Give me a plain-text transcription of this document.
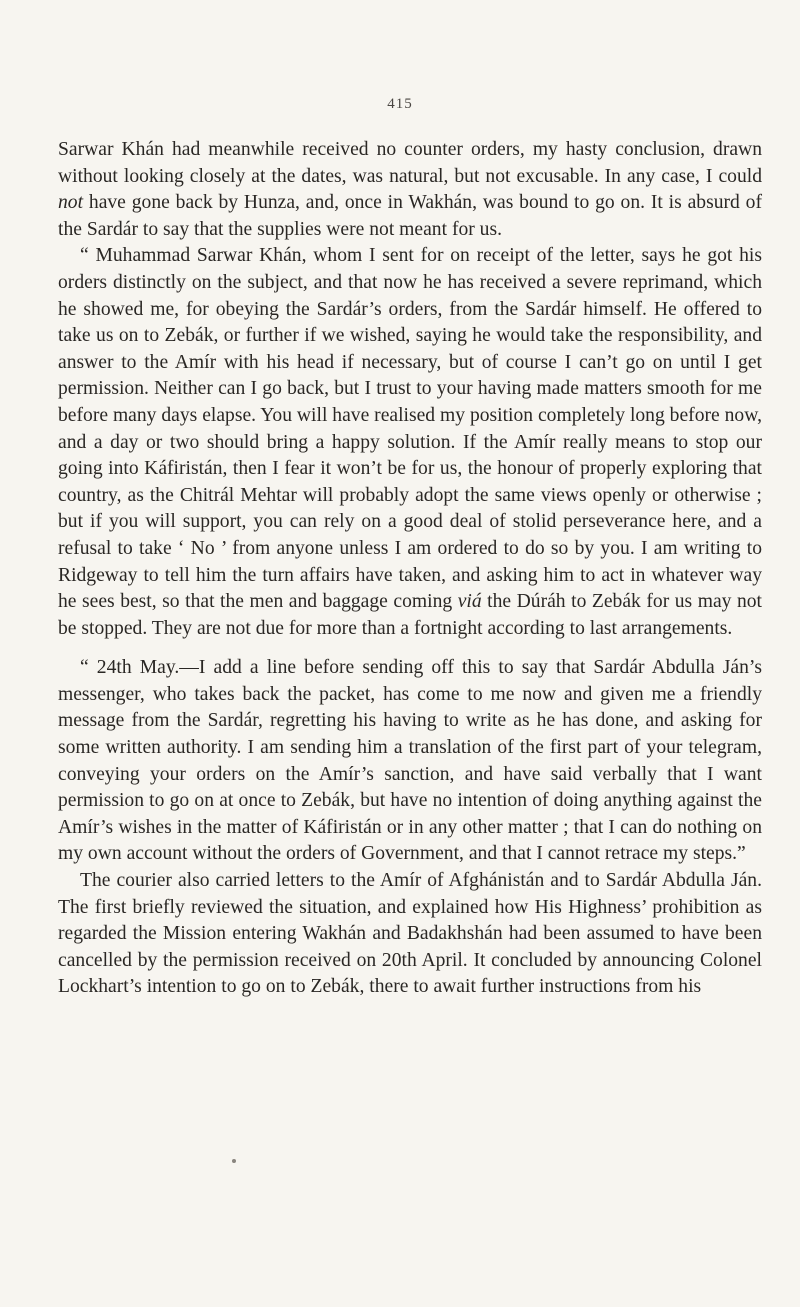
415

Sarwar Khán had meanwhile received no counter orders, my hasty conclusion, drawn without looking closely at the dates, was natural, but not excusable. In any case, I could not have gone back by Hunza, and, once in Wakhán, was bound to go on. It is absurd of the Sardár to say that the supplies were not meant for us.

“ Muhammad Sarwar Khán, whom I sent for on receipt of the letter, says he got his orders distinctly on the subject, and that now he has received a severe reprimand, which he showed me, for obeying the Sardár’s orders, from the Sardár himself. He offered to take us on to Zebák, or further if we wished, saying he would take the responsibility, and answer to the Amír with his head if necessary, but of course I can’t go on until I get permission. Neither can I go back, but I trust to your having made matters smooth for me before many days elapse. You will have realised my position completely long before now, and a day or two should bring a happy solution. If the Amír really means to stop our going into Káfiristán, then I fear it won’t be for us, the honour of properly exploring that country, as the Chitrál Mehtar will probably adopt the same views openly or otherwise ; but if you will support, you can rely on a good deal of stolid perseverance here, and a refusal to take ‘ No ’ from anyone unless I am ordered to do so by you. I am writing to Ridgeway to tell him the turn affairs have taken, and asking him to act in whatever way he sees best, so that the men and baggage coming viá the Dúráh to Zebák for us may not be stopped. They are not due for more than a fortnight according to last arrangements.

“ 24th May.—I add a line before sending off this to say that Sardár Abdulla Ján’s messenger, who takes back the packet, has come to me now and given me a friendly message from the Sardár, regretting his having to write as he has done, and asking for some written authority. I am sending him a translation of the first part of your telegram, conveying your orders on the Amír’s sanction, and have said verbally that I want permission to go on at once to Zebák, but have no intention of doing anything against the Amír’s wishes in the matter of Káfiristán or in any other matter ; that I can do nothing on my own account without the orders of Government, and that I cannot retrace my steps.”

The courier also carried letters to the Amír of Afghánistán and to Sardár Abdulla Ján. The first briefly reviewed the situation, and explained how His Highness’ prohibition as regarded the Mission entering Wakhán and Badakhshán had been assumed to have been cancelled by the permission received on 20th April. It concluded by announcing Colonel Lockhart’s intention to go on to Zebák, there to await further instructions from his
